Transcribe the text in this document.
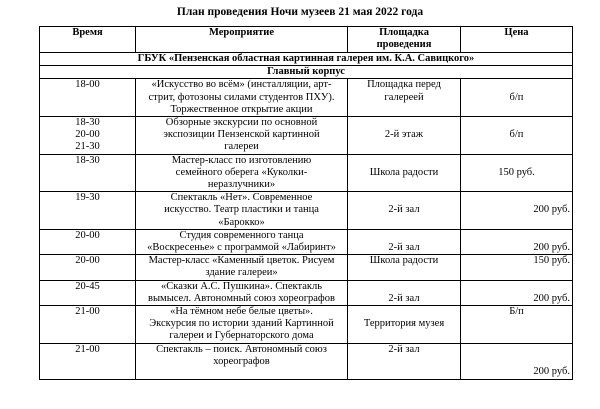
План проведения Ночи музеев 21 мая 2022 года
Время	Мероприятие	Площадка
проведения	Цена
ГБУК «Пензенская областная картинная галерея им. К.А. Савицкого»			
Главный корпус			

18-00	«Искусство во всём» (инсталляции, арт-
стрит, фотозоны силами студентов ПХУ).
Торжественное открытие акции	Площадка перед
галереей	б/п

18-30
20-00
21-30	Обзорные экскурсии по основной
экспозиции Пензенской картинной
галереи	2-й этаж	б/п

18-30	Мастер-класс по изготовлению
семейного оберега «Куколки-
неразлучники»	Школа радости	150 руб.

19-30	Спектакль «Нет». Современное
искусство. Театр пластики и танца
«Барокко»	2-й зал	200 руб.

20-00	Студия современного танца
«Воскресенье» с программой «Лабиринт»	2-й зал	200 руб.

20-00	Мастер-класс «Каменный цветок. Рисуем
здание галереи»	Школа радости	150 руб.

20-45	«Сказки А.С. Пушкина». Спектакль
вымысел. Автономный союз хореографов	2-й зал	200 руб.

21-00	«На тёмном небе белые цветы».
Экскурсия по истории зданий Картинной
галереи и Губернаторского дома	Территория музея	Б/п

21-00	Спектакль – поиск. Автономный союз
хореографов	2-й зал	200 руб.
